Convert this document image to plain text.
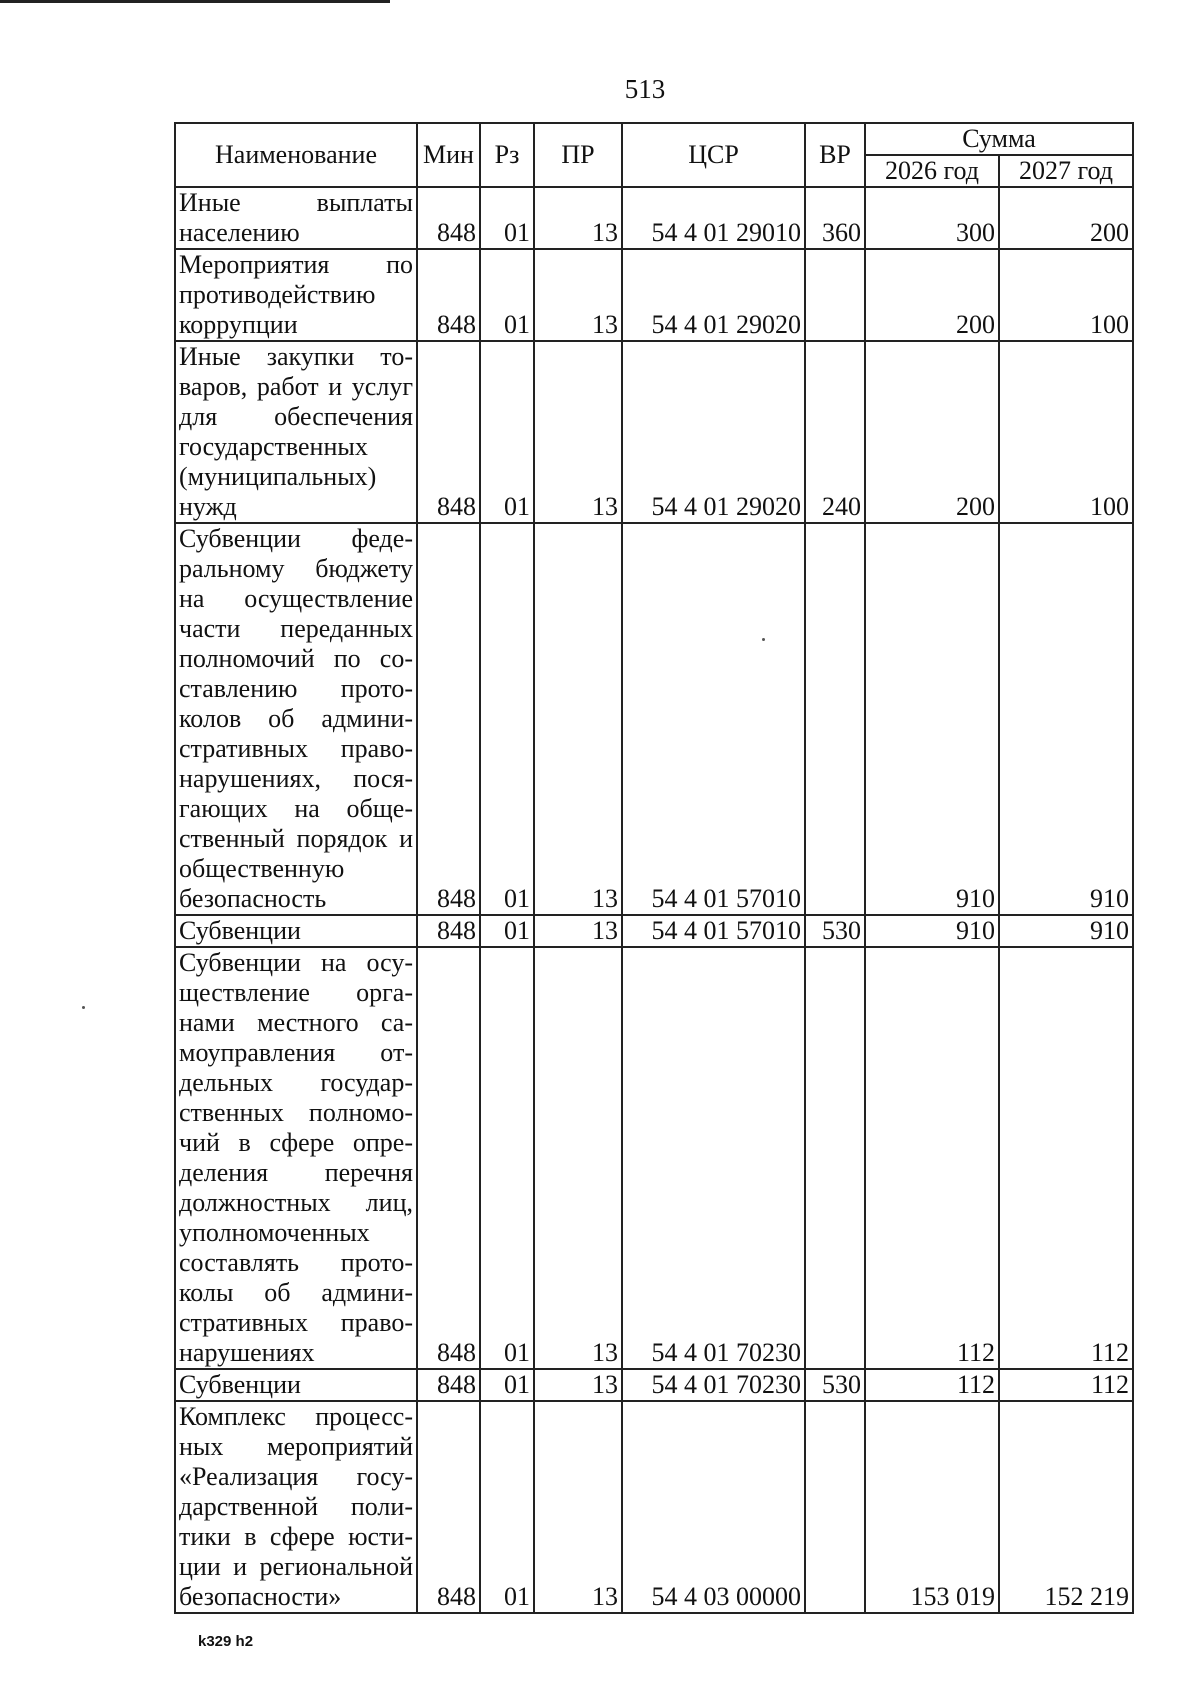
513
Наименование	Мин	Рз	ПР	ЦСР	ВР	Сумма	
						2026 год	2027 год
Иные выплаты населению	848	01	13	54 4 01 29010	360	300	200
Мероприятия по противодействию коррупции	848	01	13	54 4 01 29020		200	100
Иные закупки товаров, работ и услуг для обеспечения государственных (муниципальных) нужд	848	01	13	54 4 01 29020	240	200	100
Субвенции федеральному бюджету на осуществление части переданных полномочий по составлению протоколов об административных правонарушениях, посягающих на общественный порядок и общественную безопасность	848	01	13	54 4 01 57010		910	910
Субвенции	848	01	13	54 4 01 57010	530	910	910
Субвенции на осуществление органами местного самоуправления отдельных государственных полномочий в сфере определения перечня должностных лиц, уполномоченных составлять протоколы об административных правонарушениях	848	01	13	54 4 01 70230		112	112
Субвенции	848	01	13	54 4 01 70230	530	112	112
Комплекс процессных мероприятий «Реализация государственной политики в сфере юстиции и региональной безопасности»	848	01	13	54 4 03 00000		153 019	152 219
k329 h2
